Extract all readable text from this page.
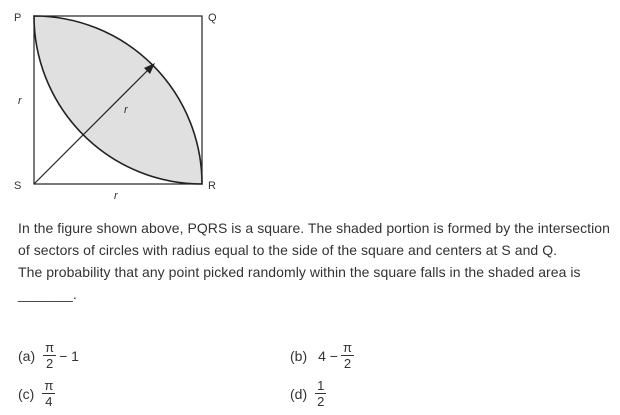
P	Q
R
S
r
r
r

In the figure shown above, PQRS is a square. The shaded portion is formed by the intersection of sectors of circles with radius equal to the side of the square and centers at S and Q.

The probability that any point picked randomly within the square falls in the shaded area is _______.

$(a) \frac{\pi}{2} - 1$	(b) $4 - \frac{\pi}{2}$
$(c) \frac{\pi}{4}$	$(d) \frac{1}{2}$
